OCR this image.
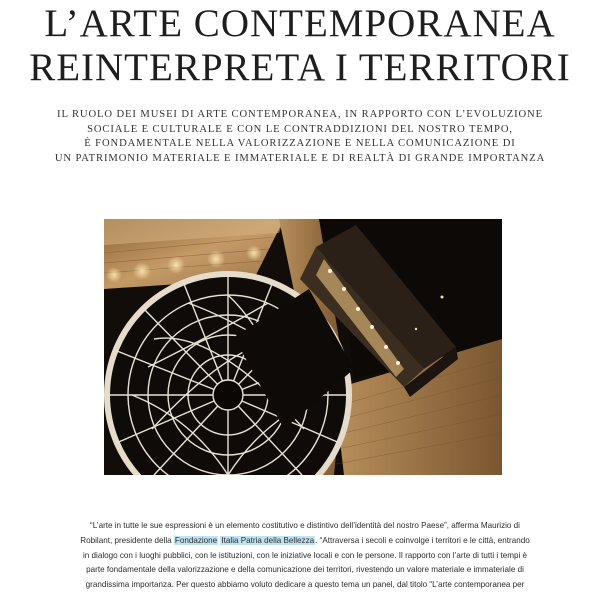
L’ARTE CONTEMPORANEA
REINTERPRETA I TERRITORI

IL RUOLO DEI MUSEI DI ARTE CONTEMPORANEA, IN RAPPORTO CON L’EVOLUZIONE
SOCIALE E CULTURALE E CON LE CONTRADDIZIONI DEL NOSTRO TEMPO,
È FONDAMENTALE NELLA VALORIZZAZIONE E NELLA COMUNICAZIONE DI
UN PATRIMONIO MATERIALE E IMMATERIALE E DI REALTÀ DI GRANDE IMPORTANZA

“L’arte in tutte le sue espressioni è un elemento costitutivo e distintivo dell’identità del nostro Paese”, afferma Maurizio di
Robilant, presidente della Fondazione Italia Patria della Bellezza. “Attraversa i secoli e coinvolge i territori e le città, entrando
in dialogo con i luoghi pubblici, con le istituzioni, con le iniziative locali e con le persone. Il rapporto con l’arte di tutti i tempi è
parte fondamentale della valorizzazione e della comunicazione dei territori, rivestendo un valore materiale e immateriale di
grandissima importanza. Per questo abbiamo voluto dedicare a questo tema un panel, dal titolo “L’arte contemporanea per
